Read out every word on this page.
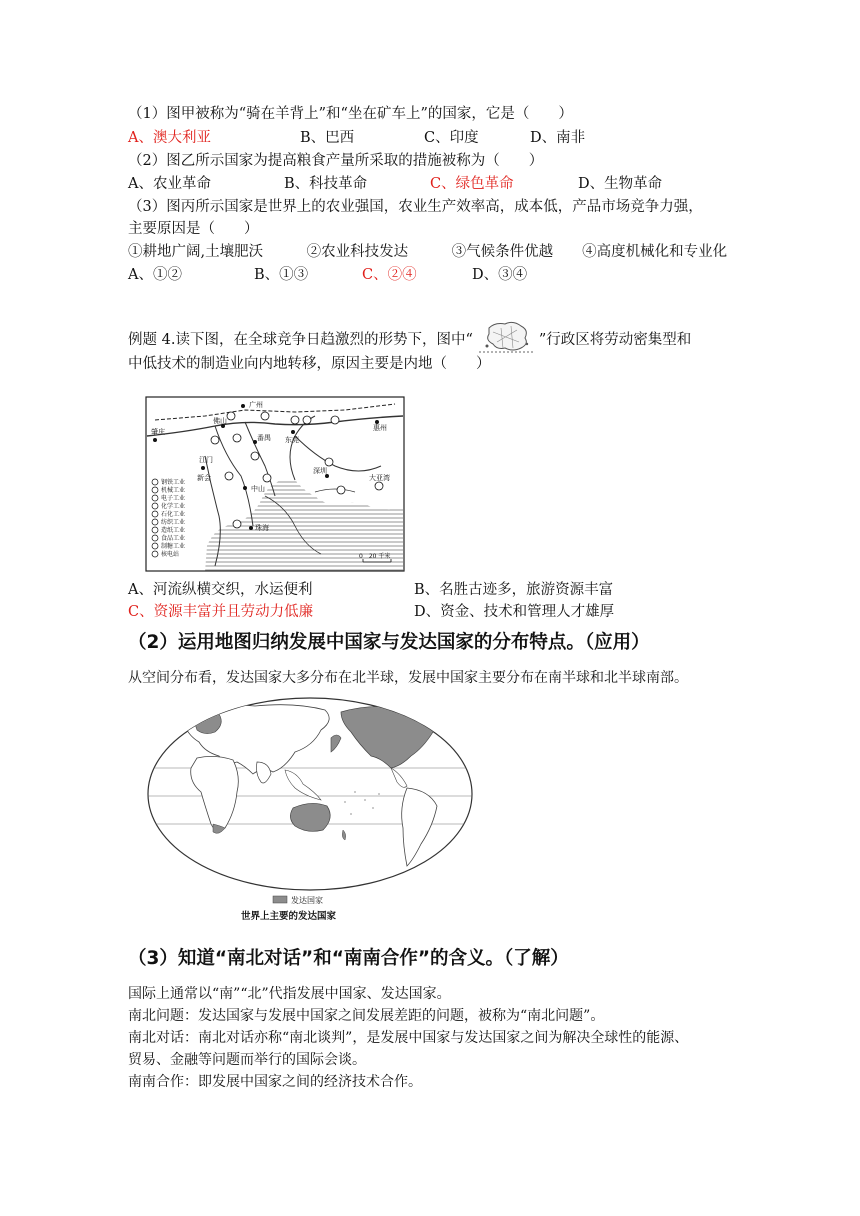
（1）图甲被称为“骑在羊背上”和“坐在矿车上”的国家，它是（　　）
A、澳大利亚	B、巴西	C、印度	D、南非
（2）图乙所示国家为提高粮食产量所采取的措施被称为（　　）
A、农业革命	B、科技革命	C、绿色革命	D、生物革命
（3）图丙所示国家是世界上的农业强国，农业生产效率高，成本低，产品市场竞争力强，
主要原因是（　　）
①耕地广阔,土壤肥沃　　　②农业科技发达　　　③气候条件优越　　④高度机械化和专业化
A、①②	B、①③	C、②④	D、③④
例题 4.读下图，在全球竞争日趋激烈的形势下，图中“	”行政区将劳动密集型和
中低技术的制造业向内地转移，原因主要是内地（　　）
广州
肇庆
佛山
东莞
惠州
江门
中山
深圳
珠海
大亚湾
新会
番禺
钢铁工业
机械工业
电子工业
化学工业
石化工业
纺织工业
造纸工业
食品工业
制糖工业
核电站	0　20 千米
A、河流纵横交织，水运便利	B、名胜古迹多，旅游资源丰富
C、资源丰富并且劳动力低廉	D、资金、技术和管理人才雄厚
（2）运用地图归纳发展中国家与发达国家的分布特点。（应用）
从空间分布看，发达国家大多分布在北半球，发展中国家主要分布在南半球和北半球南部。
发达国家
世界上主要的发达国家
（3）知道“南北对话”和“南南合作”的含义。（了解）
国际上通常以“南”“北”代指发展中国家、发达国家。
南北问题：发达国家与发展中国家之间发展差距的问题，被称为“南北问题”。
南北对话：南北对话亦称“南北谈判”，是发展中国家与发达国家之间为解决全球性的能源、
贸易、金融等问题而举行的国际会谈。
南南合作：即发展中国家之间的经济技术合作。
